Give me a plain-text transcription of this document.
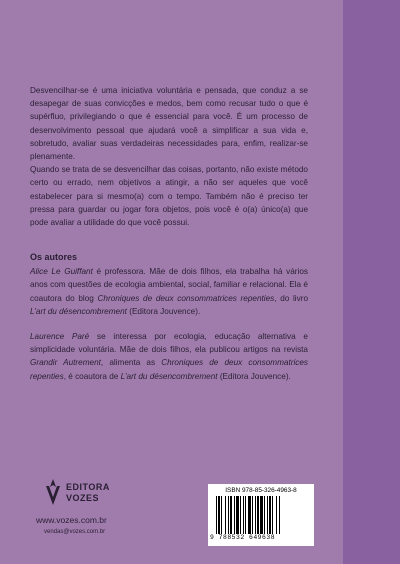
Desvencilhar-se é uma iniciativa voluntária e pensada, que conduz a se desapegar de suas convicções e medos, bem como recusar tudo o que é supérfluo, privilegiando o que é essencial para você. É um processo de desenvolvimento pessoal que ajudará você a simplificar a sua vida e, sobretudo, avaliar suas verdadeiras necessidades para, enfim, realizar-se plenamente.

Quando se trata de se desvencilhar das coisas, portanto, não existe método certo ou errado, nem objetivos a atingir, a não ser aqueles que você estabelecer para si mesmo(a) com o tempo. Também não é preciso ter pressa para guardar ou jogar fora objetos, pois você é o(a) único(a) que pode avaliar a utilidade do que você possui.

Os autores

Alice Le Guiffant é professora. Mãe de dois filhos, ela trabalha há vários anos com questões de ecologia ambiental, social, familiar e relacional. Ela é coautora do blog Chroniques de deux consommatrices repenties, do livro L’art du désencombrement (Editora Jouvence).

Laurence Paré se interessa por ecologia, educação alternativa e simplicidade voluntária. Mãe de dois filhos, ela publicou artigos na revista Grandir Autrement, alimenta as Chroniques de deux consommatrices repenties, é coautora de L’art du désencombrement (Editora Jouvence).

EDITORA
VOZES
www.vozes.com.br
vendas@vozes.com.br
ISBN 978-85-326-4963-8
9 788532 649638
